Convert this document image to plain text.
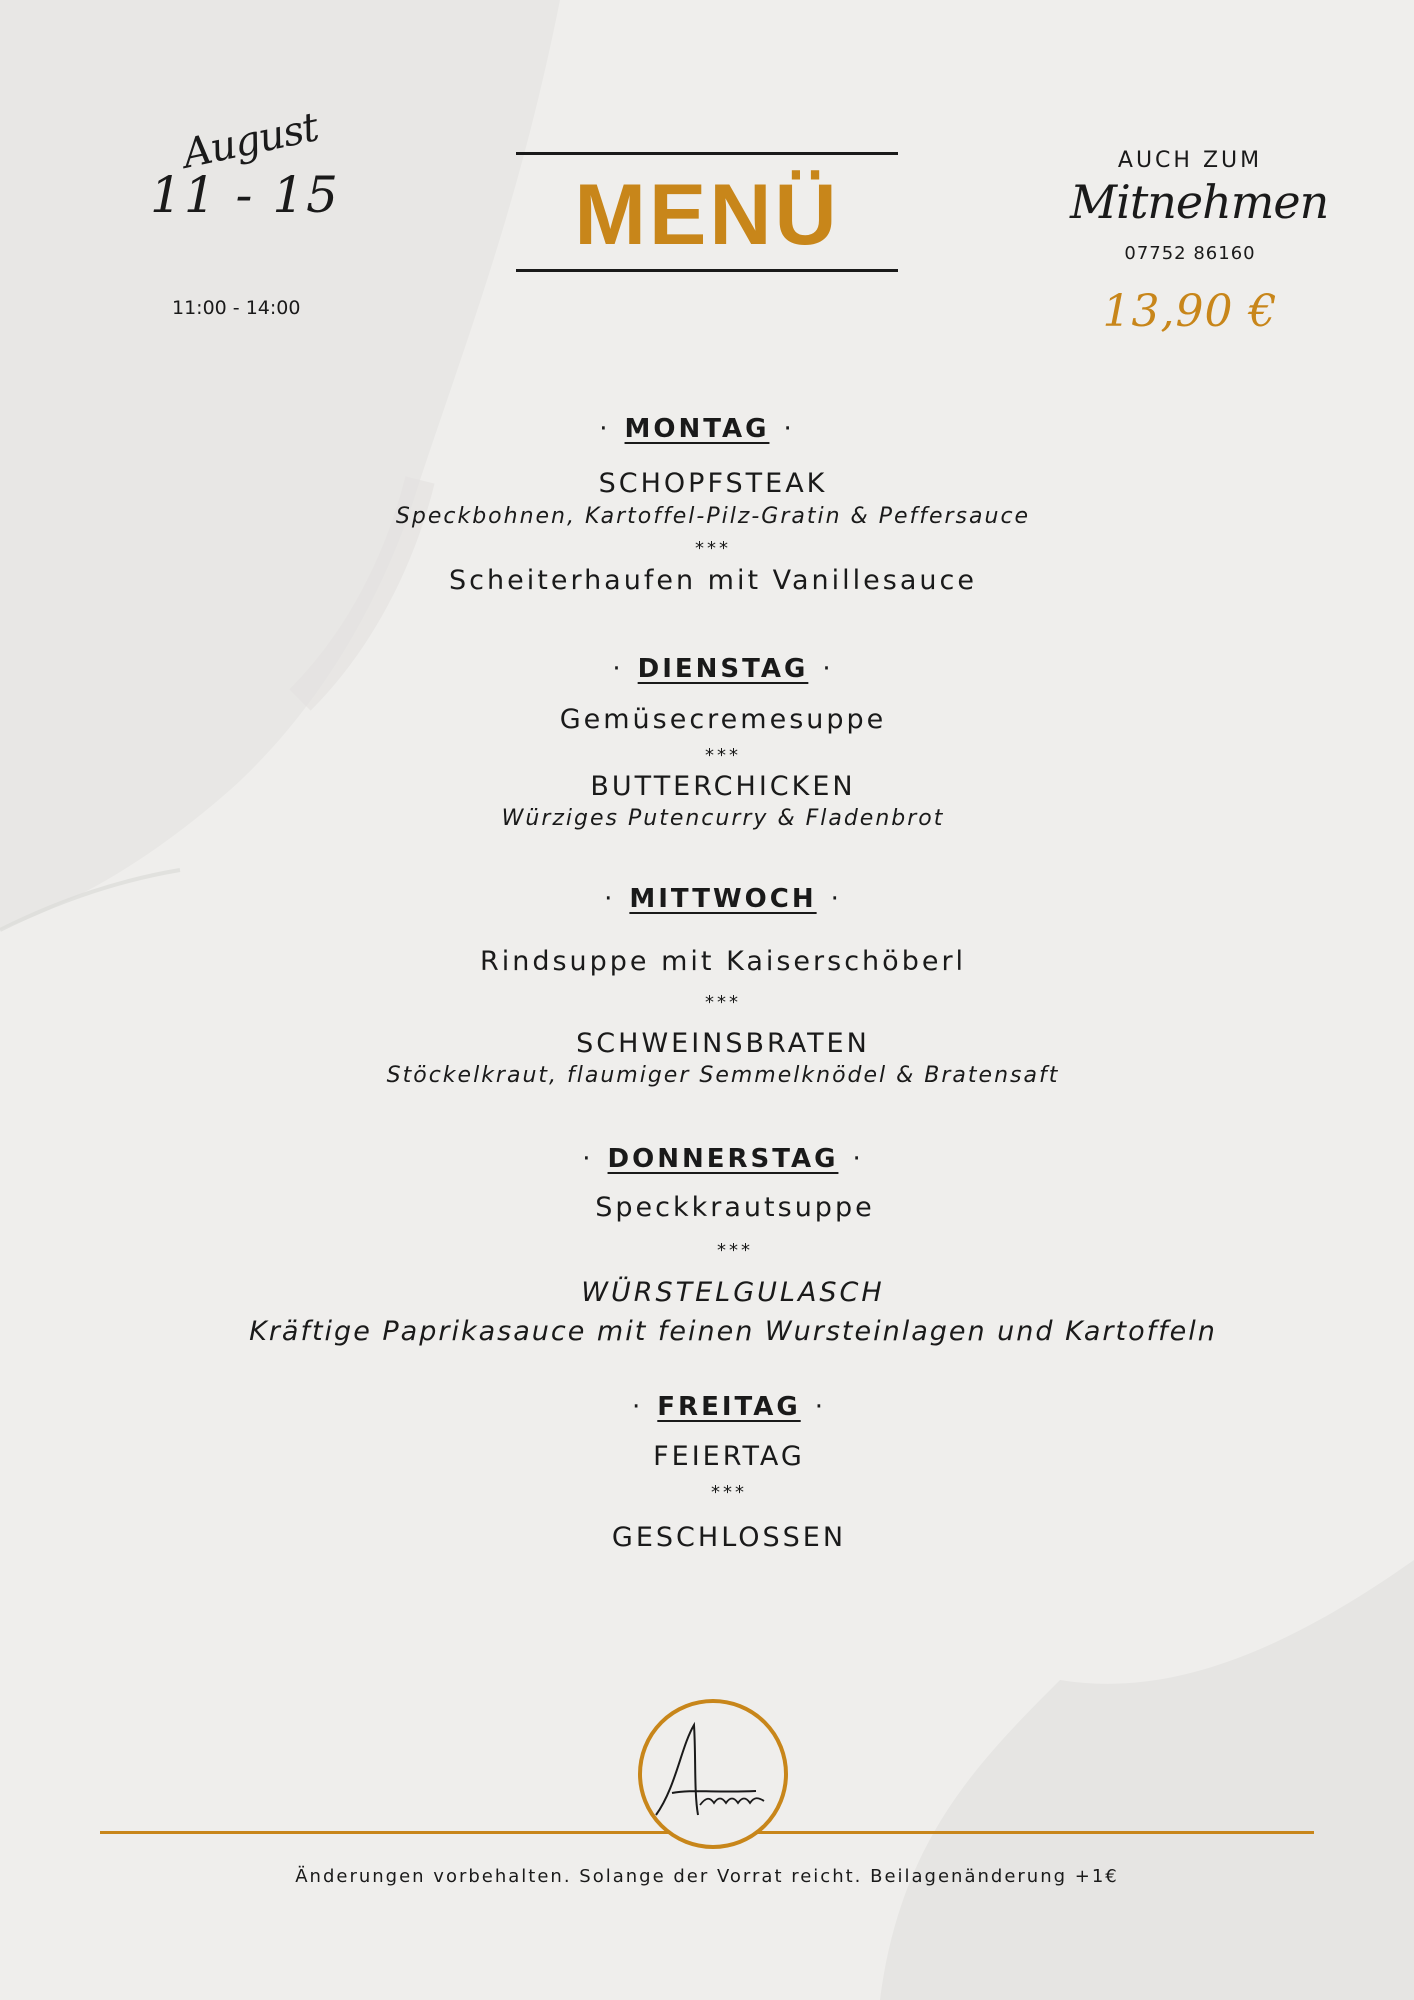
August
11 - 15
11:00 - 14:00
MENÜ
AUCH ZUM
Mitnehmen
07752 86160
13,90 €
· MONTAG ·
SCHOPFSTEAK
Speckbohnen, Kartoffel-Pilz-Gratin & Peffersauce
***
Scheiterhaufen mit Vanillesauce
· DIENSTAG ·
Gemüsecremesuppe
***
BUTTERCHICKEN
Würziges Putencurry & Fladenbrot
· MITTWOCH ·
Rindsuppe mit Kaiserschöberl
***
SCHWEINSBRATEN
Stöckelkraut, flaumiger Semmelknödel & Bratensaft
· DONNERSTAG ·
Speckkrautsuppe
***
WÜRSTELGULASCH
Kräftige Paprikasauce mit feinen Wursteinlagen und Kartoffeln
· FREITAG ·
FEIERTAG
***
GESCHLOSSEN
Änderungen vorbehalten. Solange der Vorrat reicht. Beilagenänderung +1€
